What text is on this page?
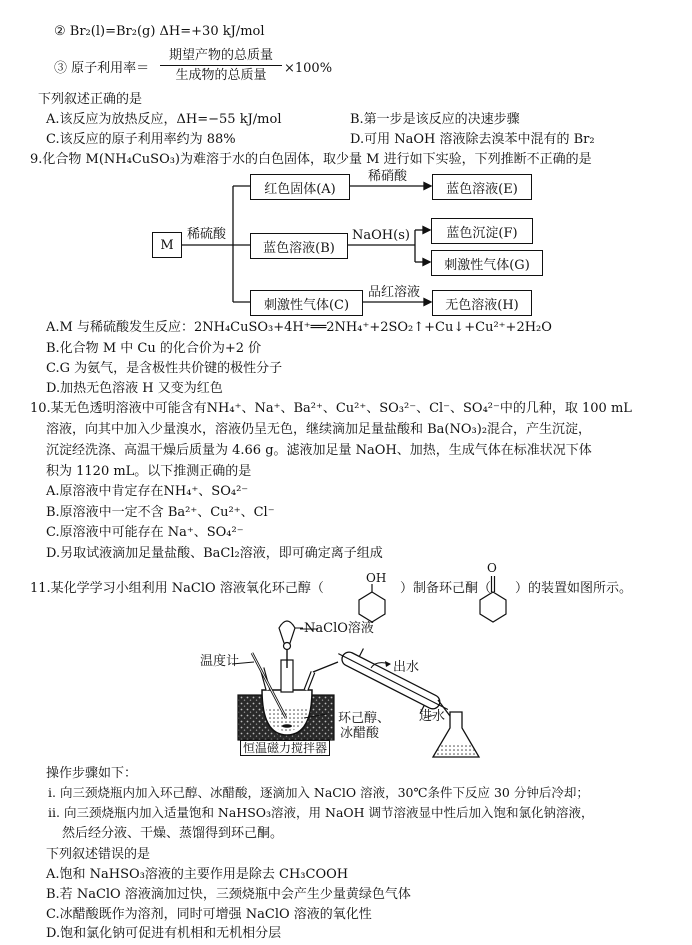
② Br₂(l)=Br₂(g) ΔH=+30 kJ/mol
③ 原子利用率＝
期望产物的总质量
生成物的总质量	×100%
下列叙述正确的是
A.该反应为放热反应，ΔH=−55 kJ/mol	B.第一步是该反应的决速步骤
C.该反应的原子利用率约为 88%	D.可用 NaOH 溶液除去溴苯中混有的 Br₂
9.化合物 M(NH₄CuSO₃)为难溶于水的白色固体，取少量 M 进行如下实验，下列推断不正确的是
M
稀硫酸
红色固体(A)
稀硝酸
蓝色溶液(E)
蓝色溶液(B)
NaOH(s)	蓝色沉淀(F)
刺激性气体(G)
刺激性气体(C)
品红溶液
无色溶液(H)
A.M 与稀硫酸发生反应：2NH₄CuSO₃+4H⁺══2NH₄⁺+2SO₂↑+Cu↓+Cu²⁺+2H₂O
B.化合物 M 中 Cu 的化合价为+2 价
C.G 为氨气，是含极性共价键的极性分子
D.加热无色溶液 H 又变为红色
10.某无色透明溶液中可能含有NH₄⁺、Na⁺、Ba²⁺、Cu²⁺、SO₃²⁻、Cl⁻、SO₄²⁻中的几种，取 100 mL
溶液，向其中加入少量溴水，溶液仍呈无色，继续滴加足量盐酸和 Ba(NO₃)₂混合，产生沉淀，
沉淀经洗涤、高温干燥后质量为 4.66 g。滤液加足量 NaOH、加热，生成气体在标准状况下体
积为 1120 mL。以下推测正确的是
A.原溶液中肯定存在NH₄⁺、SO₄²⁻
B.原溶液中一定不含 Ba²⁺、Cu²⁺、Cl⁻
C.原溶液中可能存在 Na⁺、SO₄²⁻
D.另取试液滴加足量盐酸、BaCl₂溶液，即可确定离子组成
11.某化学学习小组利用 NaClO 溶液氧化环己醇（
OH
）制备环己酮（
O
）的装置如图所示。
NaClO溶液
温度计	出水
进水
环己醇、
冰醋酸
恒温磁力搅拌器
操作步骤如下：
i. 向三颈烧瓶内加入环己醇、冰醋酸，逐滴加入 NaClO 溶液，30℃条件下反应 30 分钟后冷却；
ii. 向三颈烧瓶内加入适量饱和 NaHSO₃溶液，用 NaOH 调节溶液显中性后加入饱和氯化钠溶液，
然后经分液、干燥、蒸馏得到环己酮。
下列叙述错误的是
A.饱和 NaHSO₃溶液的主要作用是除去 CH₃COOH
B.若 NaClO 溶液滴加过快，三颈烧瓶中会产生少量黄绿色气体
C.冰醋酸既作为溶剂，同时可增强 NaClO 溶液的氧化性
D.饱和氯化钠可促进有机相和无机相分层
